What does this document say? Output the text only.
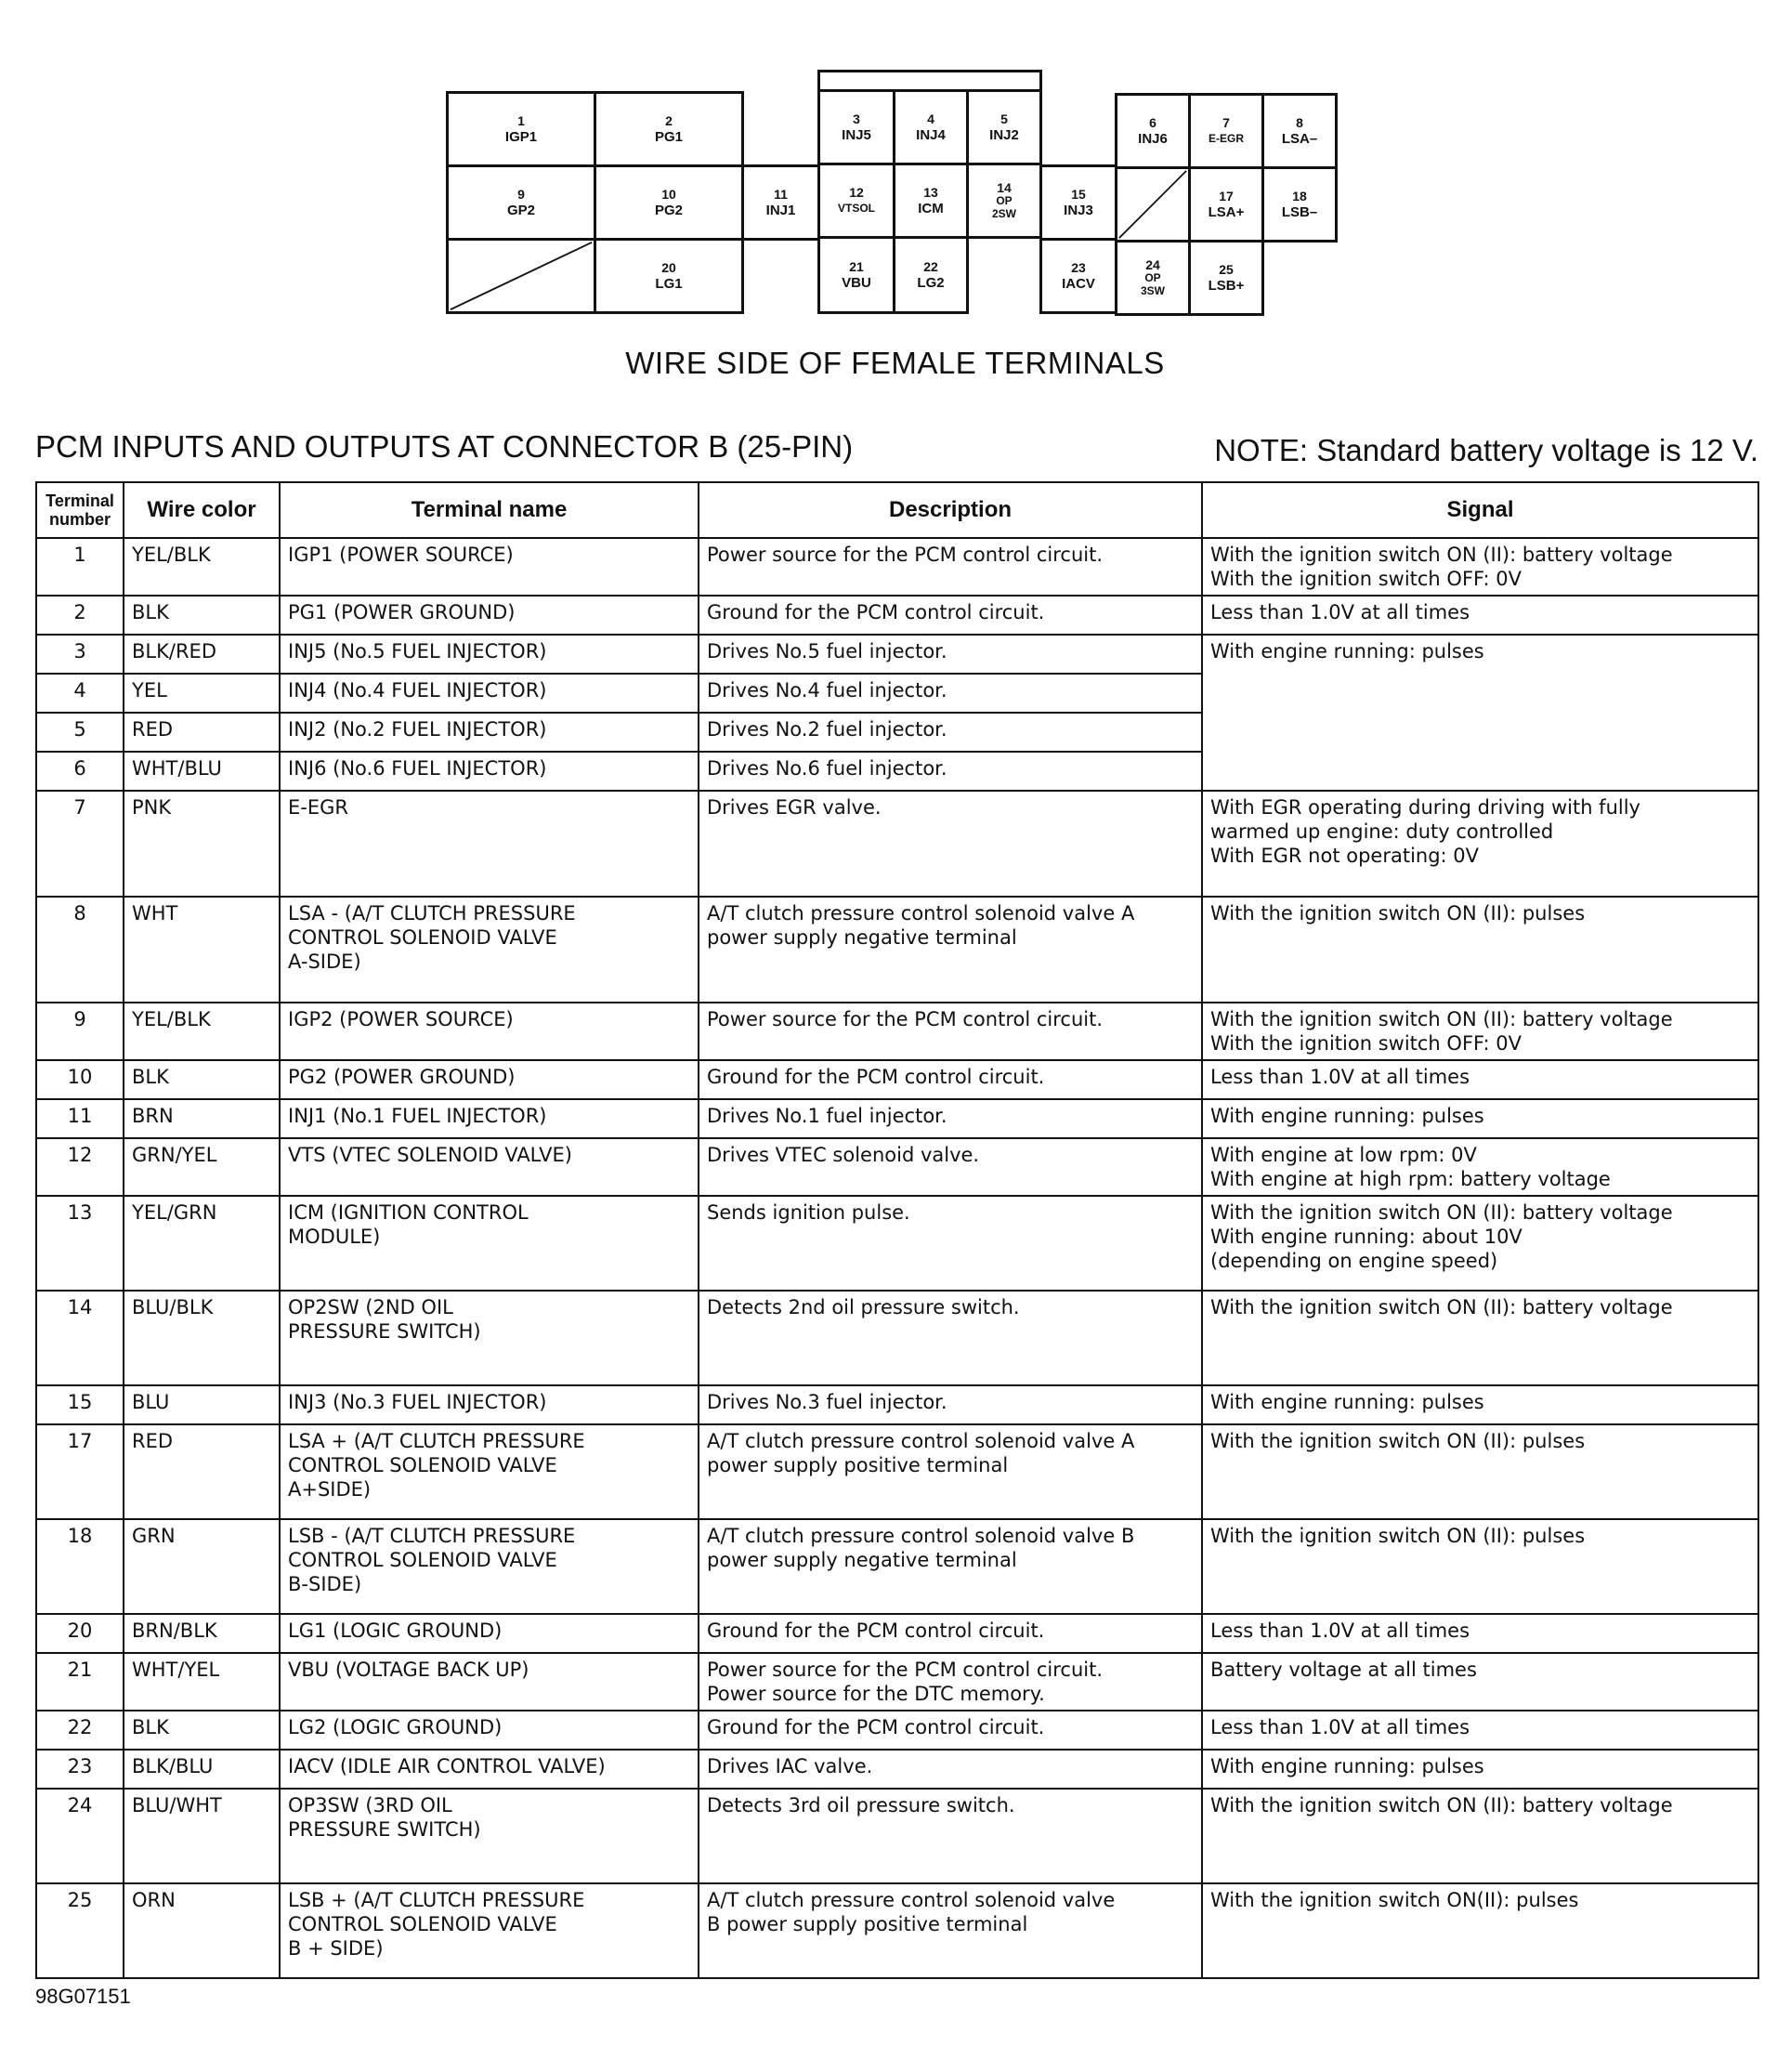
1
IGP1
2
PG1
3
INJ5
4
INJ4
5
INJ2
6
INJ6
7
E-EGR
8
LSA–
9
GP2
10
PG2
11
INJ1
12
VTSOL
13
ICM
14
OP
2SW
15
INJ3
17
LSA+
18
LSB–
20
LG1
21
VBU
22
LG2
23
IACV
24
OP
3SW
25
LSB+
WIRE SIDE OF FEMALE TERMINALS
PCM INPUTS AND OUTPUTS AT CONNECTOR B (25-PIN)	NOTE: Standard battery voltage is 12 V.
Terminal
number	Wire color	Terminal name	Description	Signal
1	YEL/BLK	IGP1 (POWER SOURCE)	Power source for the PCM control circuit.	With the ignition switch ON (II): battery voltage
With the ignition switch OFF: 0V
2	BLK	PG1 (POWER GROUND)	Ground for the PCM control circuit.	Less than 1.0V at all times
3	BLK/RED	INJ5 (No.5 FUEL INJECTOR)	Drives No.5 fuel injector.	With engine running: pulses
4	YEL	INJ4 (No.4 FUEL INJECTOR)	Drives No.4 fuel injector.	
5	RED	INJ2 (No.2 FUEL INJECTOR)	Drives No.2 fuel injector.	
6	WHT/BLU	INJ6 (No.6 FUEL INJECTOR)	Drives No.6 fuel injector.	
7	PNK	E-EGR	Drives EGR valve.	With EGR operating during driving with fully
warmed up engine: duty controlled
With EGR not operating: 0V
8	WHT	LSA - (A/T CLUTCH PRESSURE
CONTROL SOLENOID VALVE
A-SIDE)	A/T clutch pressure control solenoid valve A
power supply negative terminal	With the ignition switch ON (II): pulses
9	YEL/BLK	IGP2 (POWER SOURCE)	Power source for the PCM control circuit.	With the ignition switch ON (II): battery voltage
With the ignition switch OFF: 0V
10	BLK	PG2 (POWER GROUND)	Ground for the PCM control circuit.	Less than 1.0V at all times
11	BRN	INJ1 (No.1 FUEL INJECTOR)	Drives No.1 fuel injector.	With engine running: pulses
12	GRN/YEL	VTS (VTEC SOLENOID VALVE)	Drives VTEC solenoid valve.	With engine at low rpm: 0V
With engine at high rpm: battery voltage
13	YEL/GRN	ICM (IGNITION CONTROL
MODULE)	Sends ignition pulse.	With the ignition switch ON (II): battery voltage
With engine running: about 10V
(depending on engine speed)
14	BLU/BLK	OP2SW (2ND OIL
PRESSURE SWITCH)	Detects 2nd oil pressure switch.	With the ignition switch ON (II): battery voltage
15	BLU	INJ3 (No.3 FUEL INJECTOR)	Drives No.3 fuel injector.	With engine running: pulses
17	RED	LSA + (A/T CLUTCH PRESSURE
CONTROL SOLENOID VALVE
A+SIDE)	A/T clutch pressure control solenoid valve A
power supply positive terminal	With the ignition switch ON (II): pulses
18	GRN	LSB - (A/T CLUTCH PRESSURE
CONTROL SOLENOID VALVE
B-SIDE)	A/T clutch pressure control solenoid valve B
power supply negative terminal	With the ignition switch ON (II): pulses
20	BRN/BLK	LG1 (LOGIC GROUND)	Ground for the PCM control circuit.	Less than 1.0V at all times
21	WHT/YEL	VBU (VOLTAGE BACK UP)	Power source for the PCM control circuit.
Power source for the DTC memory.	Battery voltage at all times
22	BLK	LG2 (LOGIC GROUND)	Ground for the PCM control circuit.	Less than 1.0V at all times
23	BLK/BLU	IACV (IDLE AIR CONTROL VALVE)	Drives IAC valve.	With engine running: pulses
24	BLU/WHT	OP3SW (3RD OIL
PRESSURE SWITCH)	Detects 3rd oil pressure switch.	With the ignition switch ON (II): battery voltage
25	ORN	LSB + (A/T CLUTCH PRESSURE
CONTROL SOLENOID VALVE
B + SIDE)	A/T clutch pressure control solenoid valve
B power supply positive terminal	With the ignition switch ON(II): pulses
98G07151
